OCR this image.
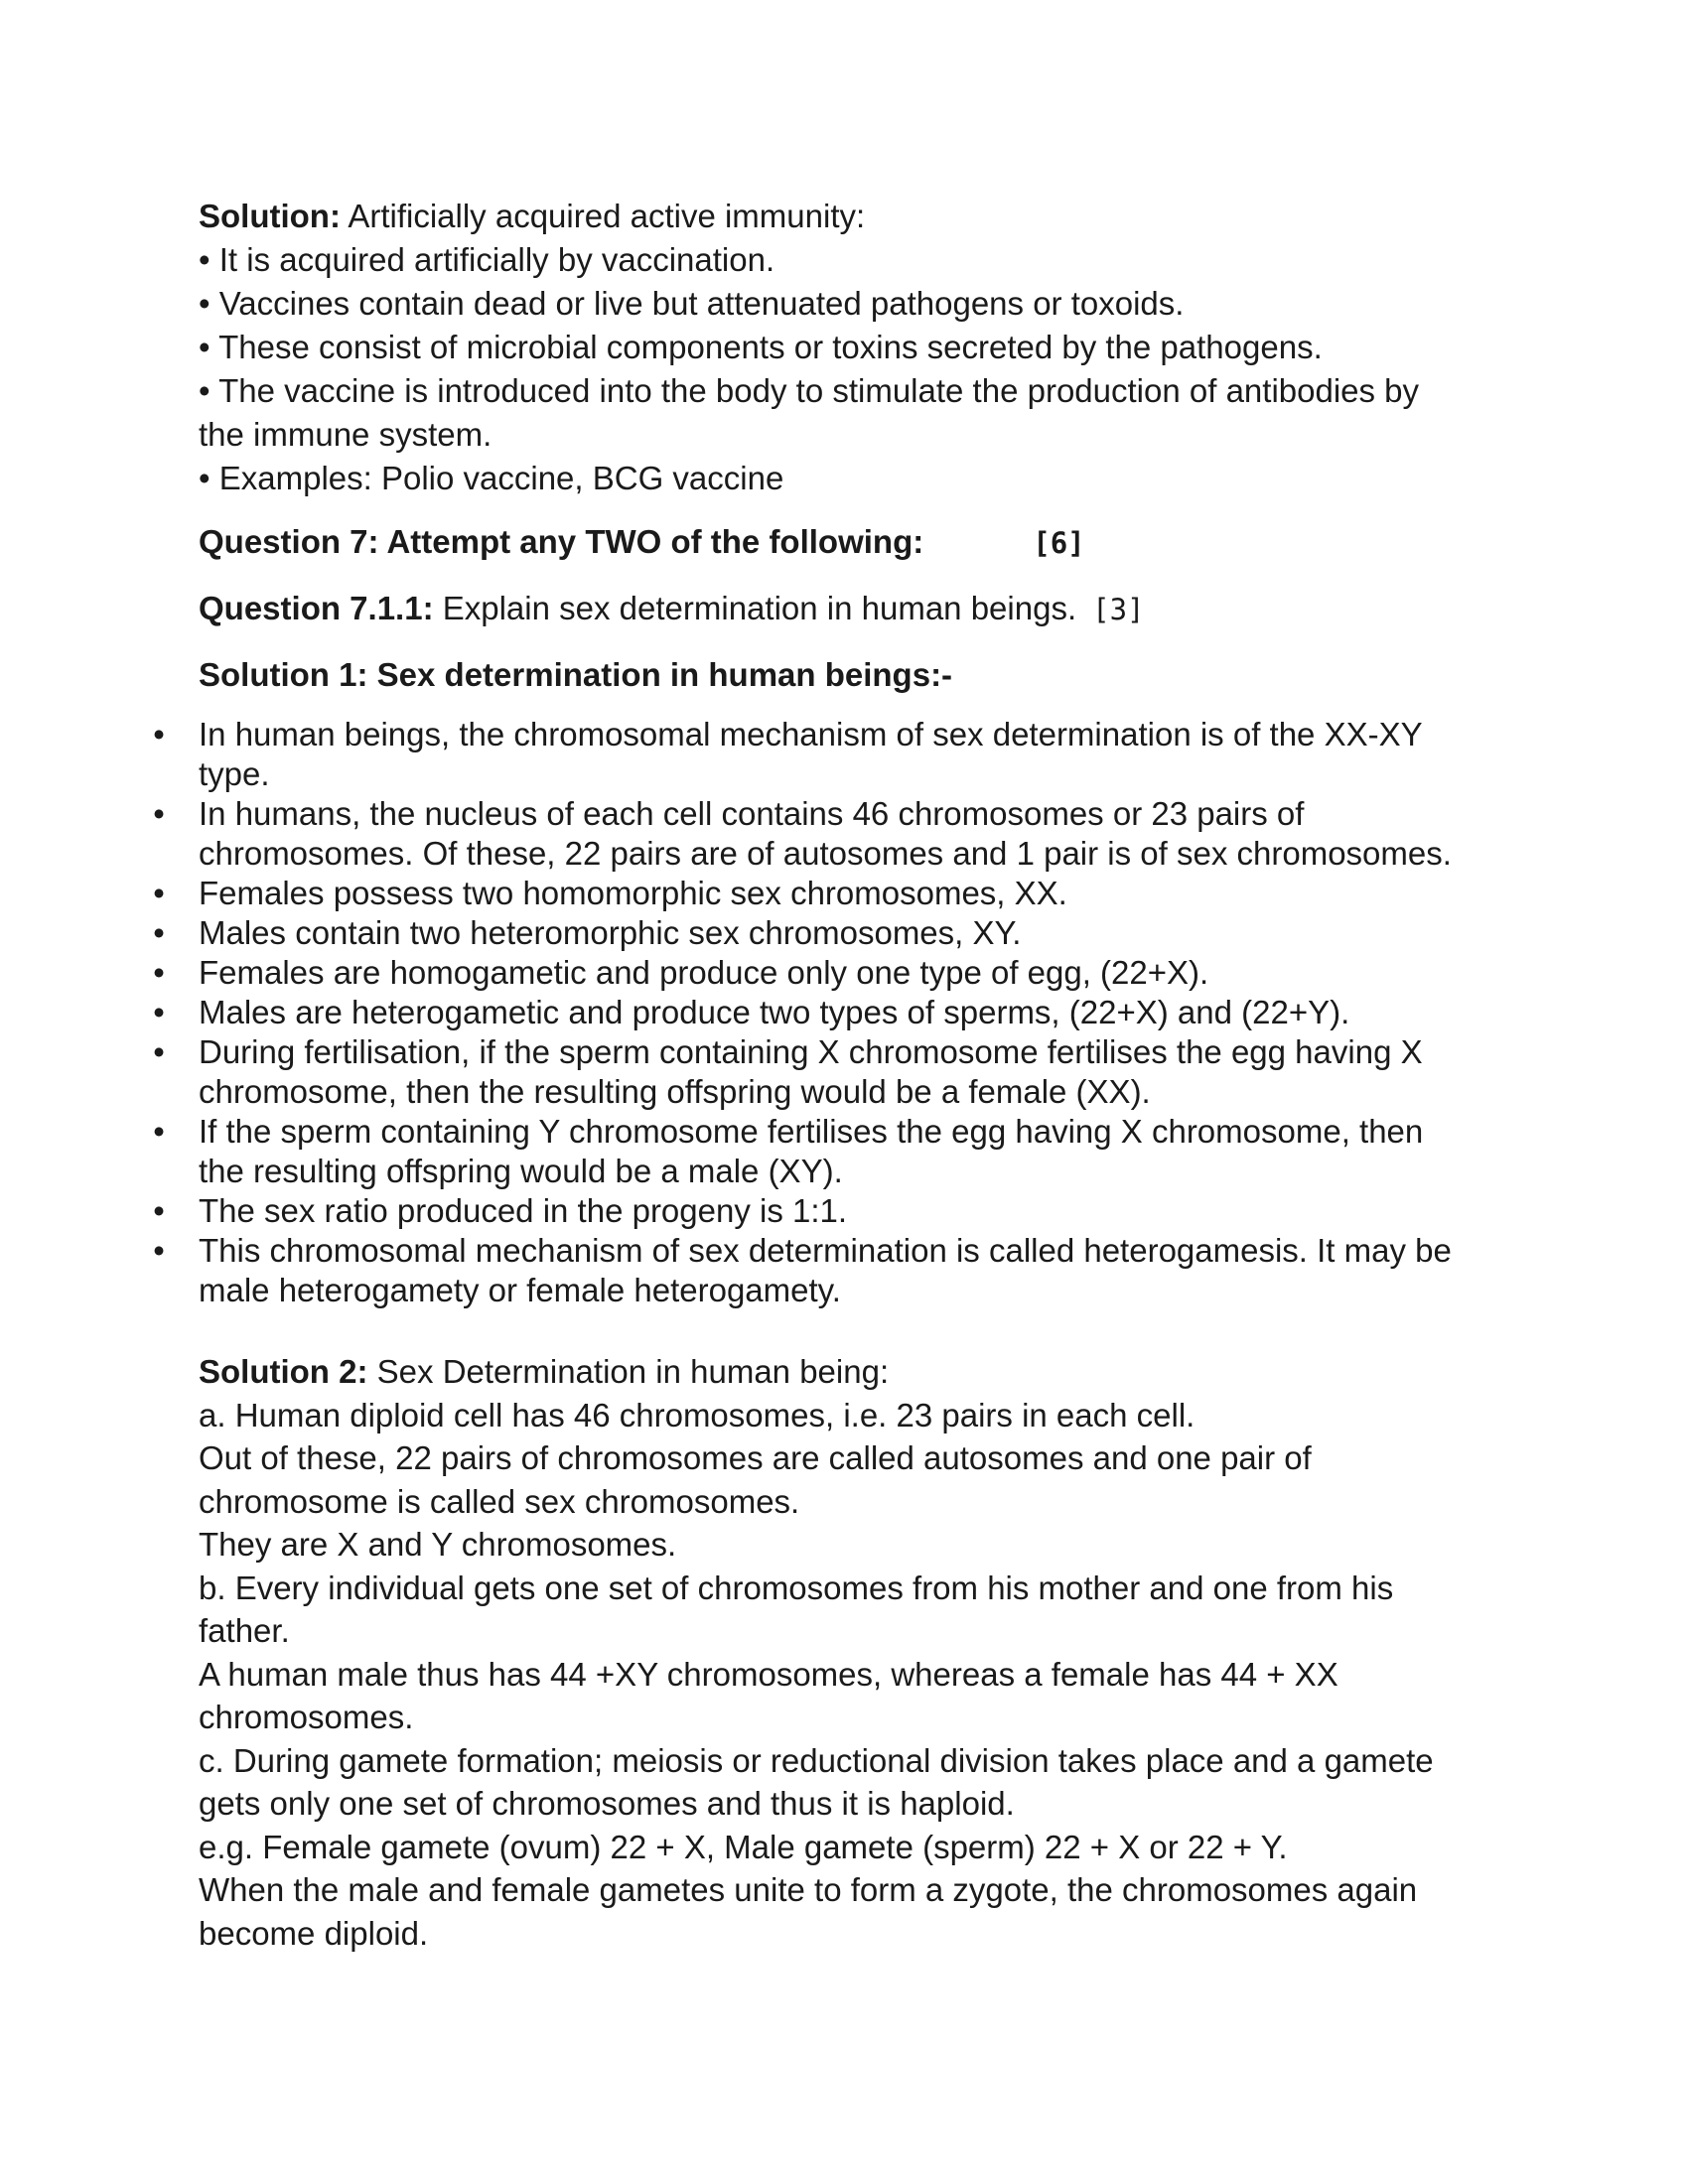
Solution: Artificially acquired active immunity:

• It is acquired artificially by vaccination.

• Vaccines contain dead or live but attenuated pathogens or toxoids.

• These consist of microbial components or toxins secreted by the pathogens.

• The vaccine is introduced into the body to stimulate the production of antibodies by
the immune system.

• Examples: Polio vaccine, BCG vaccine

Question 7: Attempt any TWO of the following:	[6]

Question 7.1.1: Explain sex determination in human beings. [3]

Solution 1: Sex determination in human beings:-

• In human beings, the chromosomal mechanism of sex determination is of the XX-XY
type.
• In humans, the nucleus of each cell contains 46 chromosomes or 23 pairs of
chromosomes. Of these, 22 pairs are of autosomes and 1 pair is of sex chromosomes.
• Females possess two homomorphic sex chromosomes, XX.
• Males contain two heteromorphic sex chromosomes, XY.
• Females are homogametic and produce only one type of egg, (22+X).
• Males are heterogametic and produce two types of sperms, (22+X) and (22+Y).
• During fertilisation, if the sperm containing X chromosome fertilises the egg having X
chromosome, then the resulting offspring would be a female (XX).
• If the sperm containing Y chromosome fertilises the egg having X chromosome, then
the resulting offspring would be a male (XY).
• The sex ratio produced in the progeny is 1:1.
• This chromosomal mechanism of sex determination is called heterogamesis. It may be
male heterogamety or female heterogamety.

Solution 2: Sex Determination in human being:

a. Human diploid cell has 46 chromosomes, i.e. 23 pairs in each cell.

Out of these, 22 pairs of chromosomes are called autosomes and one pair of

chromosome is called sex chromosomes.

They are X and Y chromosomes.

b. Every individual gets one set of chromosomes from his mother and one from his

father.

A human male thus has 44 +XY chromosomes, whereas a female has 44 + XX

chromosomes.

c. During gamete formation; meiosis or reductional division takes place and a gamete

gets only one set of chromosomes and thus it is haploid.

e.g. Female gamete (ovum) 22 + X, Male gamete (sperm) 22 + X or 22 + Y.

When the male and female gametes unite to form a zygote, the chromosomes again

become diploid.
